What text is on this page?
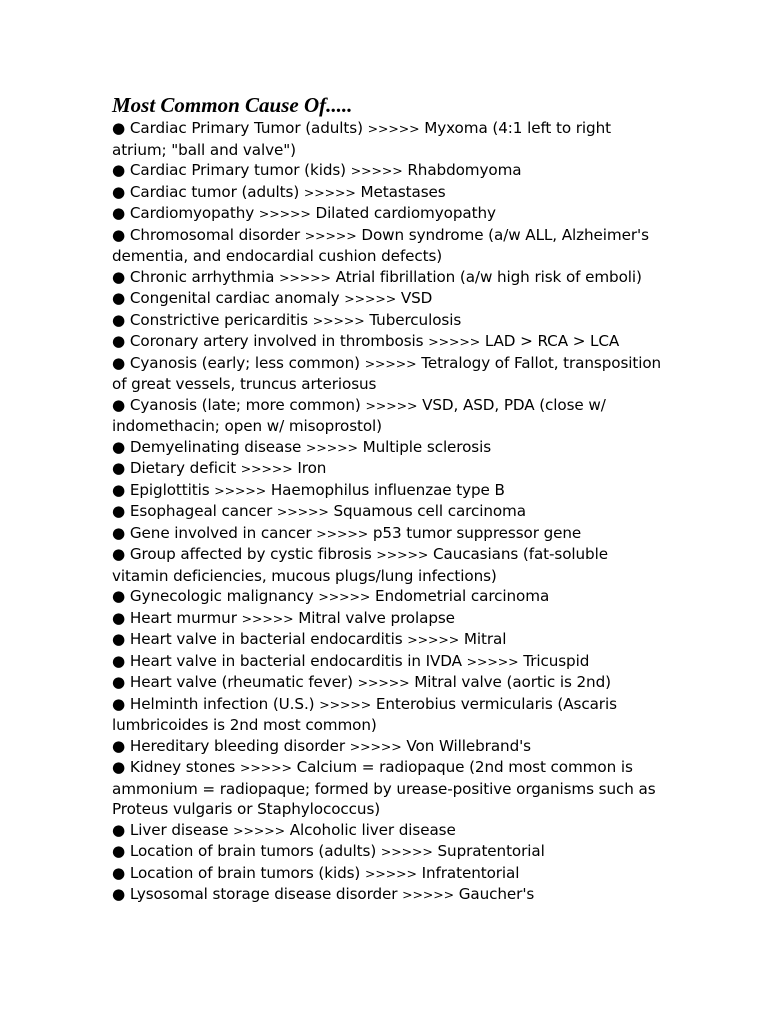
Most Common Cause Of.....
● Cardiac Primary Tumor (adults) >>>>> Myxoma (4:1 left to right atrium; "ball and valve")
● Cardiac Primary tumor (kids) >>>>> Rhabdomyoma
● Cardiac tumor (adults) >>>>> Metastases
● Cardiomyopathy >>>>> Dilated cardiomyopathy
● Chromosomal disorder >>>>> Down syndrome (a/w ALL, Alzheimer's dementia, and endocardial cushion defects)
● Chronic arrhythmia >>>>> Atrial fibrillation (a/w high risk of emboli)
● Congenital cardiac anomaly >>>>> VSD
● Constrictive pericarditis >>>>> Tuberculosis
● Coronary artery involved in thrombosis >>>>> LAD > RCA > LCA
● Cyanosis (early; less common) >>>>> Tetralogy of Fallot, transposition of great vessels, truncus arteriosus
● Cyanosis (late; more common) >>>>> VSD, ASD, PDA (close w/ indomethacin; open w/ misoprostol)
● Demyelinating disease >>>>> Multiple sclerosis
● Dietary deficit >>>>> Iron
● Epiglottitis >>>>> Haemophilus influenzae type B
● Esophageal cancer >>>>> Squamous cell carcinoma
● Gene involved in cancer >>>>> p53 tumor suppressor gene
● Group affected by cystic fibrosis >>>>> Caucasians (fat-soluble vitamin deficiencies, mucous plugs/lung infections)
● Gynecologic malignancy >>>>> Endometrial carcinoma
● Heart murmur >>>>> Mitral valve prolapse
● Heart valve in bacterial endocarditis >>>>> Mitral
● Heart valve in bacterial endocarditis in IVDA >>>>> Tricuspid
● Heart valve (rheumatic fever) >>>>> Mitral valve (aortic is 2nd)
● Helminth infection (U.S.) >>>>> Enterobius vermicularis (Ascaris lumbricoides is 2nd most common)
● Hereditary bleeding disorder >>>>> Von Willebrand's
● Kidney stones >>>>> Calcium = radiopaque (2nd most common is ammonium = radiopaque; formed by urease-positive organisms such as Proteus vulgaris or Staphylococcus)
● Liver disease >>>>> Alcoholic liver disease
● Location of brain tumors (adults) >>>>> Supratentorial
● Location of brain tumors (kids) >>>>> Infratentorial
● Lysosomal storage disease disorder >>>>> Gaucher's
